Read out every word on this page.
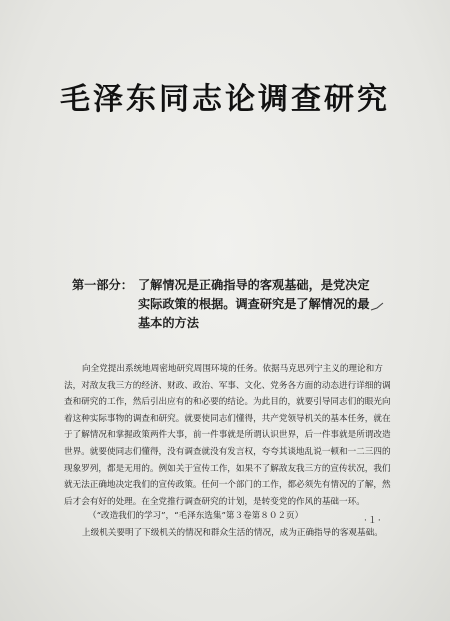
毛泽东同志论调查研究
第一部分： 了解情况是正确指导的客观基础，是党决定
实际政策的根据。调查研究是了解情况的最
基本的方法
向全党提出系统地周密地研究周围环境的任务。依据马克思列宁主义的理论和方
法，对敌友我三方的经济、财政、政治、军事、文化、党务各方面的动态进行详细的调
查和研究的工作，然后引出应有的和必要的结论。为此目的，就要引导同志们的眼光向
着这种实际事物的调查和研究。就要使同志们懂得，共产党领导机关的基本任务，就在
于了解情况和掌握政策两件大事，前一件事就是所谓认识世界，后一件事就是所谓改造
世界。就要使同志们懂得，没有调查就没有发言权，夸夸其谈地乱说一顿和一二三四的
现象罗列，都是无用的。例如关于宣传工作，如果不了解敌友我三方的宣传状况，我们
就无法正确地决定我们的宣传政策。任何一个部门的工作，都必须先有情况的了解，然
后才会有好的处理。在全党推行调查研究的计划，是转变党的作风的基础一环。
（“改造我们的学习”，“毛泽东选集”第３卷第８０２页）	·１·
上级机关要明了下级机关的情况和群众生活的情况，成为正确指导的客观基础。
